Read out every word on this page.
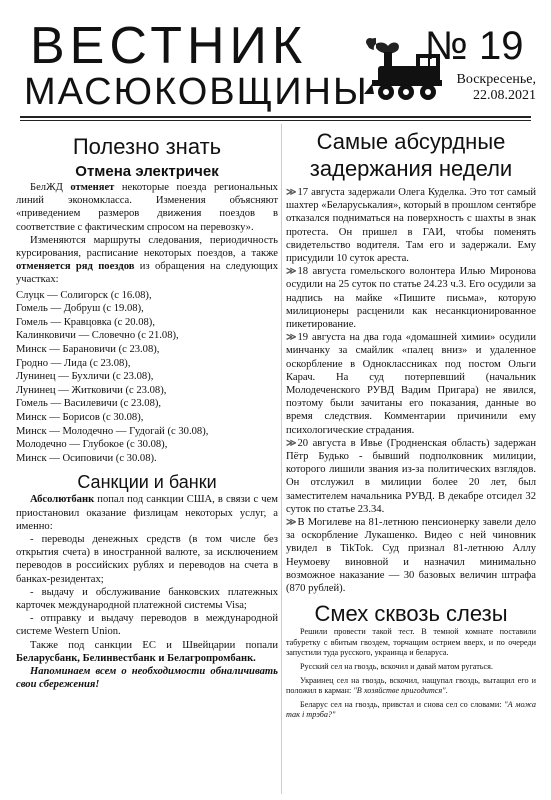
ВЕСТНИК
МАСЮКОВЩИНЫ
№ 19
Воскресенье,
22.08.2021
Полезно знать
Отмена электричек

БелЖД отменяет некоторые поезда региональных линий экономкласса. Изменения объясняют «приведением размеров движения поездов в соответствие с фактическим спросом на перевозку».

Изменяются маршруты следования, периодичность курсирования, расписание некоторых поездов, а также отменяется ряд поездов из обращения на следующих участках:

Слуцк — Солигорск (с 16.08),
Гомель — Добруш (с 19.08),
Гомель — Кравцовка (с 20.08),
Калинковичи — Словечно (с 21.08),
Минск — Барановичи (с 23.08),
Гродно — Лида (с 23.08),
Лунинец — Бухличи (с 23.08),
Лунинец — Житковичи (с 23.08),
Гомель — Василевичи (с 23.08),
Минск — Борисов (с 30.08),
Минск — Молодечно — Гудогай (с 30.08),
Молодечно — Глубокое (с 30.08),
Минск — Осиповичи (с 30.08).
Санкции и банки

Абсолютбанк попал под санкции США, в связи с чем приостановил оказание физлицам некоторых услуг, а именно:

- переводы денежных средств (в том числе без открытия счета) в иностранной валюте, за исключением переводов в российских рублях и переводов на счета в банках-резидентах;

- выдачу и обслуживание банковских платежных карточек международной платежной системы Visa;

- отправку и выдачу переводов в международной системе Western Union.

Также под санкции ЕС и Швейцарии попали Беларусбанк, Белинвестбанк и Белагропромбанк.

Напоминаем всем о необходимости обналичивать свои сбережения!

Самые абсурдные
задержания недели

≫ 17 августа задержали Олега Куделка. Это тот самый шахтер «Беларуськалия», который в прошлом сентябре отказался подниматься на поверхность с шахты в знак протеста. Он пришел в ГАИ, чтобы поменять свидетельство водителя. Там его и задержали. Ему присудили 10 суток ареста.

≫ 18 августа гомельского волонтера Илью Миронова осудили на 25 суток по статье 24.23 ч.3. Его осудили за надпись на майке «Пишите письма», которую милиционеры расценили как несанкционированное пикетирование.

≫ 19 августа на два года «домашней химии» осудили минчанку за смайлик «палец вниз» и удаленное оскорбление в Одноклассниках под постом Ольги Карач. На суд потерпевший (начальник Молодеченского РУВД Вадим Пригара) не явился, поэтому были зачитаны его показания, данные во время следствия. Комментарии причинили ему психологические страдания.

≫ 20 августа в Ивье (Гродненская область) задержан Пётр Будько - бывший подполковник милиции, которого лишили звания из-за политических взглядов. Он отслужил в милиции более 20 лет, был заместителем начальника РУВД. В декабре отсидел 32 суток по статье 23.34.

≫ В Могилеве на 81-летнюю пенсионерку завели дело за оскорбление Лукашенко. Видео с ней чиновник увидел в TikTok. Суд признал 81-летнюю Аллу Неумоеву виновной и назначил минимально возможное наказание — 30 базовых величин штрафа (870 рублей).

Смех сквозь слезы

Решили провести такой тест. В темной комнате поставили табуретку с вбитым гвоздем, торчащим острием вверх, и по очереди запустили туда русского, украинца и беларуса.

Русский сел на гвоздь, вскочил и давай матом ругаться.

Украинец сел на гвоздь, вскочил, нащупал гвоздь, вытащил его и положил в карман: "В хозяйстве пригодится".

Беларус сел на гвоздь, привстал и снова сел со словами: "А можа так і трэба?"
